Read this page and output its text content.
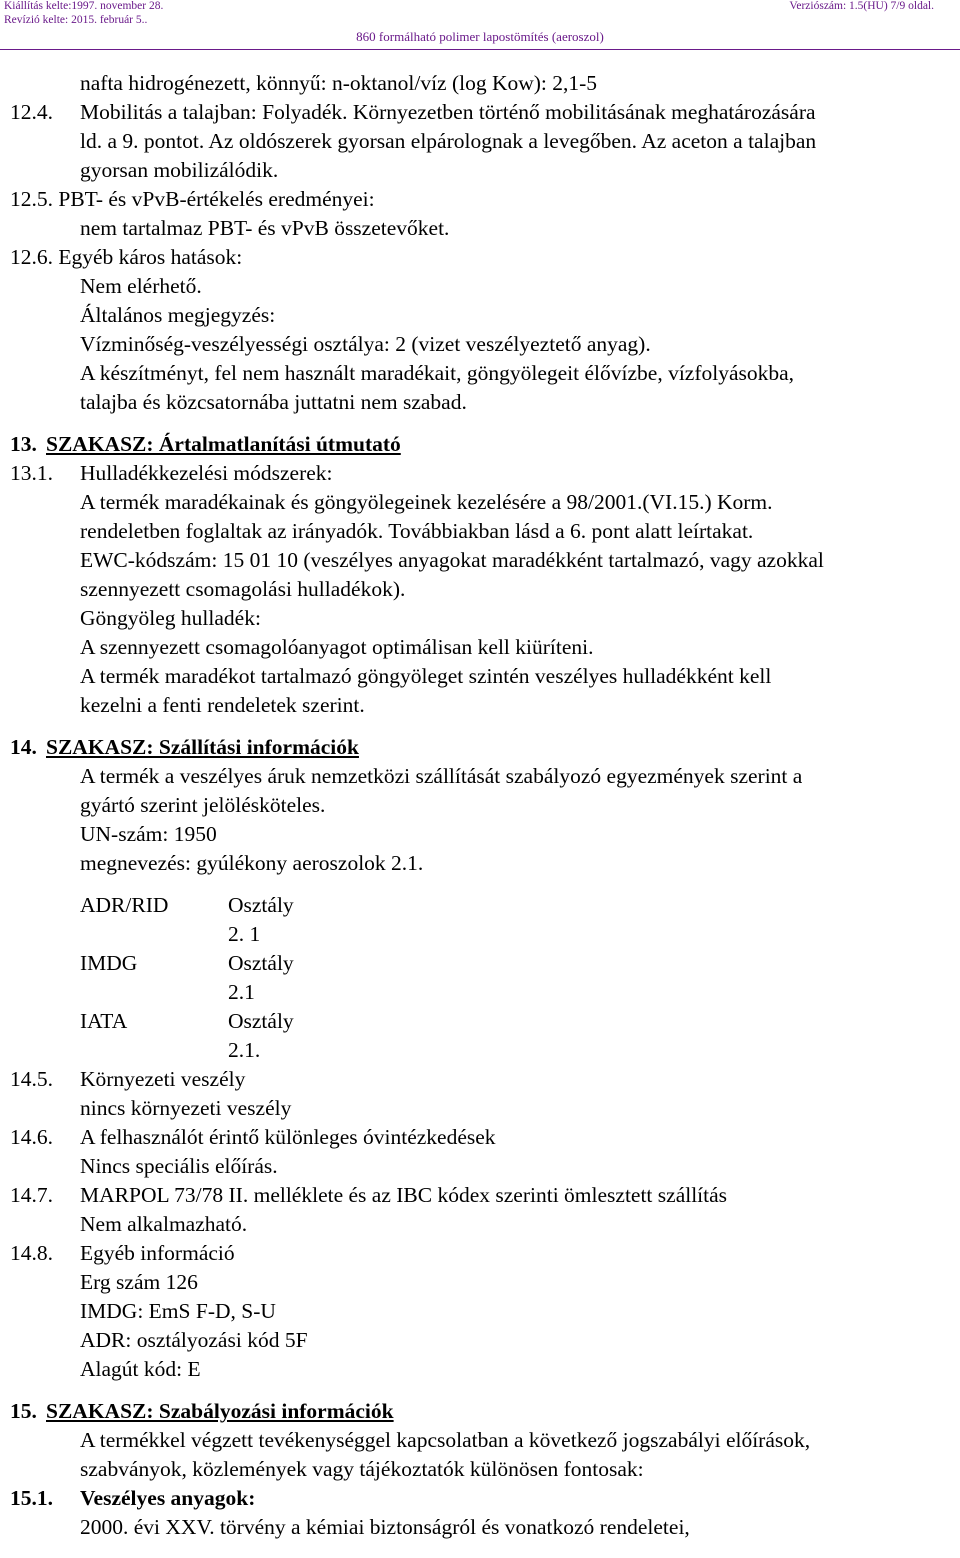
Kiállítás kelte:1997. november 28.
Revízió kelte: 2015. február 5..
Verziószám: 1.5(HU) 7/9 oldal.
860 formálható polimer lapostömítés (aeroszol)
nafta hidrogénezett, könnyű: n-oktanol/víz (log Kow): 2,1-5
12.4. Mobilitás a talajban: Folyadék. Környezetben történő mobilitásának meghatározására
ld. a 9. pontot. Az oldószerek gyorsan elpárolognak a levegőben. Az aceton a talajban
gyorsan mobilizálódik.
12.5. PBT- és vPvB-értékelés eredményei:
nem tartalmaz PBT- és vPvB összetevőket.
12.6. Egyéb káros hatások:
Nem elérhető.
Általános megjegyzés:
Vízminőség-veszélyességi osztálya: 2 (vizet veszélyeztető anyag).
A készítményt, fel nem használt maradékait, göngyölegeit élővízbe, vízfolyásokba,
talajba és közcsatornába juttatni nem szabad.
13. SZAKASZ: Ártalmatlanítási útmutató
13.1. Hulladékkezelési módszerek:
A termék maradékainak és göngyölegeinek kezelésére a 98/2001.(VI.15.) Korm.
rendeletben foglaltak az irányadók. Továbbiakban lásd a 6. pont alatt leírtakat.
EWC-kódszám: 15 01 10 (veszélyes anyagokat maradékként tartalmazó, vagy azokkal
szennyezett csomagolási hulladékok).
Göngyöleg hulladék:
A szennyezett csomagolóanyagot optimálisan kell kiüríteni.
A termék maradékot tartalmazó göngyöleget szintén veszélyes hulladékként kell
kezelni a fenti rendeletek szerint.
14. SZAKASZ: Szállítási információk
A termék a veszélyes áruk nemzetközi szállítását szabályozó egyezmények szerint a
gyártó szerint jelölésköteles.
UN-szám: 1950
megnevezés: gyúlékony aeroszolok 2.1.
ADR/RID	Osztály
2. 1
IMDG	Osztály
2.1
IATA	Osztály
2.1.
14.5. Környezeti veszély
nincs környezeti veszély
14.6. A felhasználót érintő különleges óvintézkedések
Nincs speciális előírás.
14.7. MARPOL 73/78 II. melléklete és az IBC kódex szerinti ömlesztett szállítás
Nem alkalmazható.
14.8. Egyéb információ
Erg szám 126
IMDG: EmS F-D, S-U
ADR: osztályozási kód 5F
Alagút kód: E
15. SZAKASZ: Szabályozási információk
A termékkel végzett tevékenységgel kapcsolatban a következő jogszabályi előírások,
szabványok, közlemények vagy tájékoztatók különösen fontosak:
15.1. Veszélyes anyagok:
2000. évi XXV. törvény a kémiai biztonságról és vonatkozó rendeletei,
